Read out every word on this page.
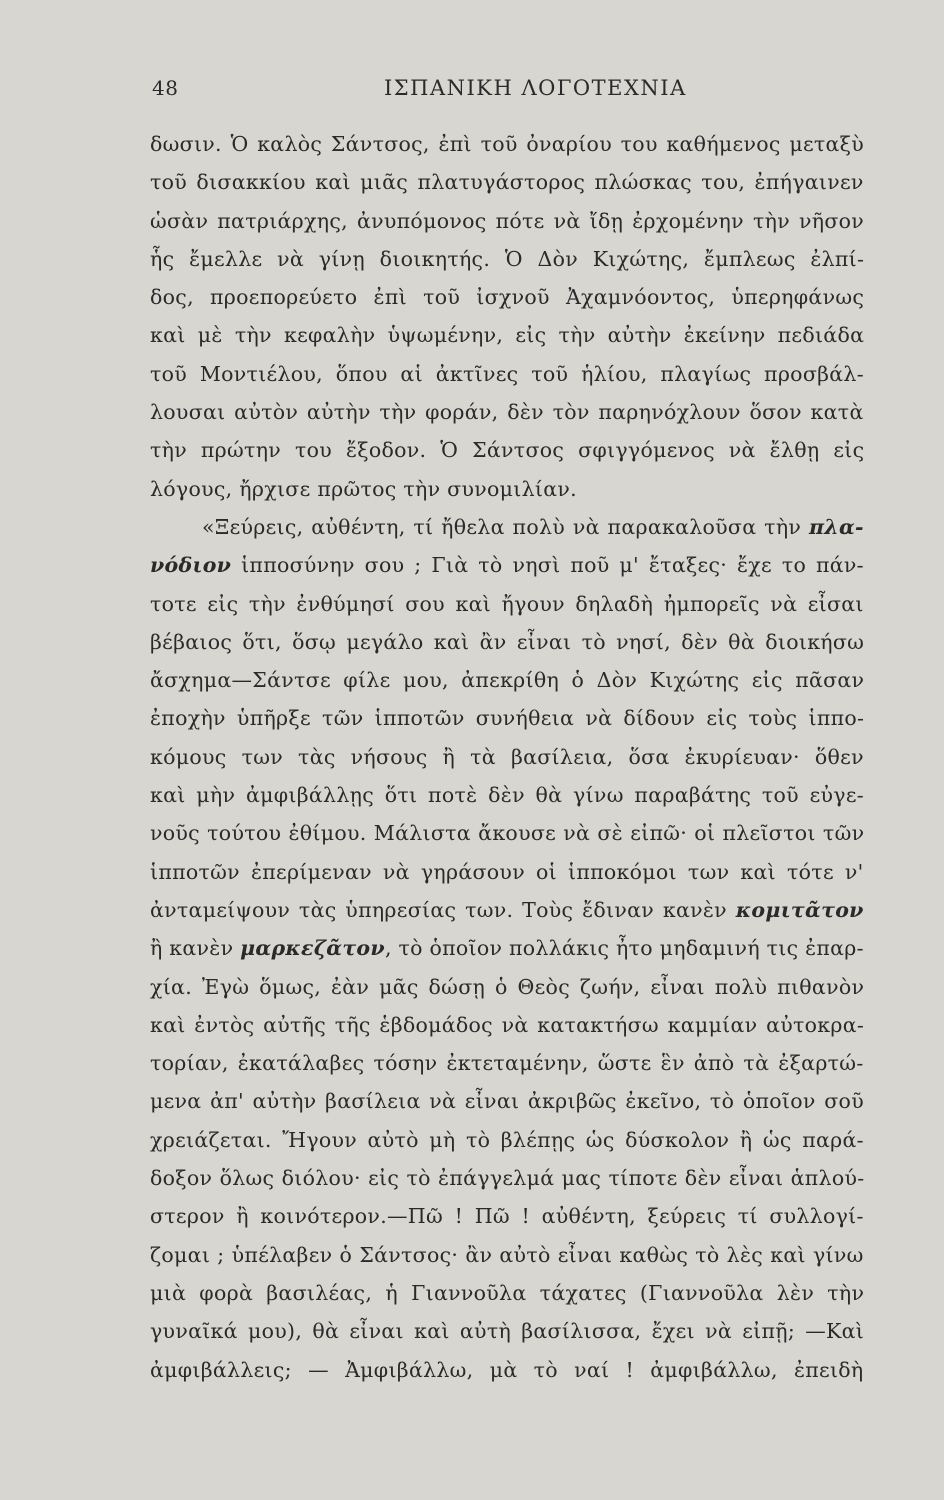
48	ΙΣΠΑΝΙΚΗ ΛΟΓΟΤΕΧΝΙΑ
δωσιν. Ὁ καλὸς Σάντσος, ἐπὶ τοῦ ὀναρίου του καθήμενος μεταξὺ
τοῦ δισακκίου καὶ μιᾶς πλατυγάστορος πλώσκας του, ἐπήγαινεν
ὡσὰν πατριάρχης, ἀνυπόμονος πότε νὰ ἴδῃ ἐρχομένην τὴν νῆσον
ἧς ἔμελλε νὰ γίνῃ διοικητής. Ὁ Δὸν Κιχώτης, ἔμπλεως ἐλπί-
δος, προεπορεύετο ἐπὶ τοῦ ἰσχνοῦ Ἀχαμνόοντος, ὑπερηφάνως
καὶ μὲ τὴν κεφαλὴν ὑψωμένην, εἰς τὴν αὐτὴν ἐκείνην πεδιάδα
τοῦ Μοντιέλου, ὅπου αἱ ἀκτῖνες τοῦ ἡλίου, πλαγίως προσβάλ-
λουσαι αὐτὸν αὐτὴν τὴν φοράν, δὲν τὸν παρηνόχλουν ὅσον κατὰ
τὴν πρώτην του ἔξοδον. Ὁ Σάντσος σφιγγόμενος νὰ ἔλθῃ εἰς
λόγους, ἤρχισε πρῶτος τὴν συνομιλίαν.
«Ξεύρεις, αὐθέντη, τί ἤθελα πολὺ νὰ παρακαλοῦσα τὴν πλα-
νόδιον ἱπποσύνην σου ; Γιὰ τὸ νησὶ ποῦ μ' ἔταξες· ἔχε το πάν-
τοτε εἰς τὴν ἐνθύμησί σου καὶ ἤγουν δηλαδὴ ἠμπορεῖς νὰ εἶσαι
βέβαιος ὅτι, ὅσῳ μεγάλο καὶ ἂν εἶναι τὸ νησί, δὲν θὰ διοικήσω
ἄσχημα—Σάντσε φίλε μου, ἀπεκρίθη ὁ Δὸν Κιχώτης εἰς πᾶσαν
ἐποχὴν ὑπῆρξε τῶν ἱπποτῶν συνήθεια νὰ δίδουν εἰς τοὺς ἱππο-
κόμους των τὰς νήσους ἢ τὰ βασίλεια, ὅσα ἐκυρίευαν· ὅθεν
καὶ μὴν ἀμφιβάλλῃς ὅτι ποτὲ δὲν θὰ γίνω παραβάτης τοῦ εὐγε-
νοῦς τούτου ἐθίμου. Μάλιστα ἄκουσε νὰ σὲ εἰπῶ· οἱ πλεῖστοι τῶν
ἱπποτῶν ἐπερίμεναν νὰ γηράσουν οἱ ἱπποκόμοι των καὶ τότε ν'
ἀνταμείψουν τὰς ὑπηρεσίας των. Τοὺς ἔδιναν κανὲν κομιτᾶτον
ἢ κανὲν μαρκεζᾶτον, τὸ ὁποῖον πολλάκις ἦτο μηδαμινή τις ἐπαρ-
χία. Ἐγὼ ὅμως, ἐὰν μᾶς δώσῃ ὁ Θεὸς ζωήν, εἶναι πολὺ πιθανὸν
καὶ ἐντὸς αὐτῆς τῆς ἑβδομάδος νὰ κατακτήσω καμμίαν αὐτοκρα-
τορίαν, ἐκατάλαβες τόσην ἐκτεταμένην, ὥστε ἓν ἀπὸ τὰ ἐξαρτώ-
μενα ἀπ' αὐτὴν βασίλεια νὰ εἶναι ἀκριβῶς ἐκεῖνο, τὸ ὁποῖον σοῦ
χρειάζεται. Ἤγουν αὐτὸ μὴ τὸ βλέπῃς ὡς δύσκολον ἢ ὡς παρά-
δοξον ὅλως διόλου· εἰς τὸ ἐπάγγελμά μας τίποτε δὲν εἶναι ἁπλού-
στερον ἢ κοινότερον.—Πῶ ! Πῶ ! αὐθέντη, ξεύρεις τί συλλογί-
ζομαι ; ὑπέλαβεν ὁ Σάντσος· ἂν αὐτὸ εἶναι καθὼς τὸ λὲς καὶ γίνω
μιὰ φορὰ βασιλέας, ἡ Γιαννοῦλα τάχατες (Γιαννοῦλα λὲν τὴν
γυναῖκά μου), θὰ εἶναι καὶ αὐτὴ βασίλισσα, ἔχει νὰ εἰπῇ; —Καὶ
ἀμφιβάλλεις; — Ἀμφιβάλλω, μὰ τὸ ναί ! ἀμφιβάλλω, ἐπειδὴ
